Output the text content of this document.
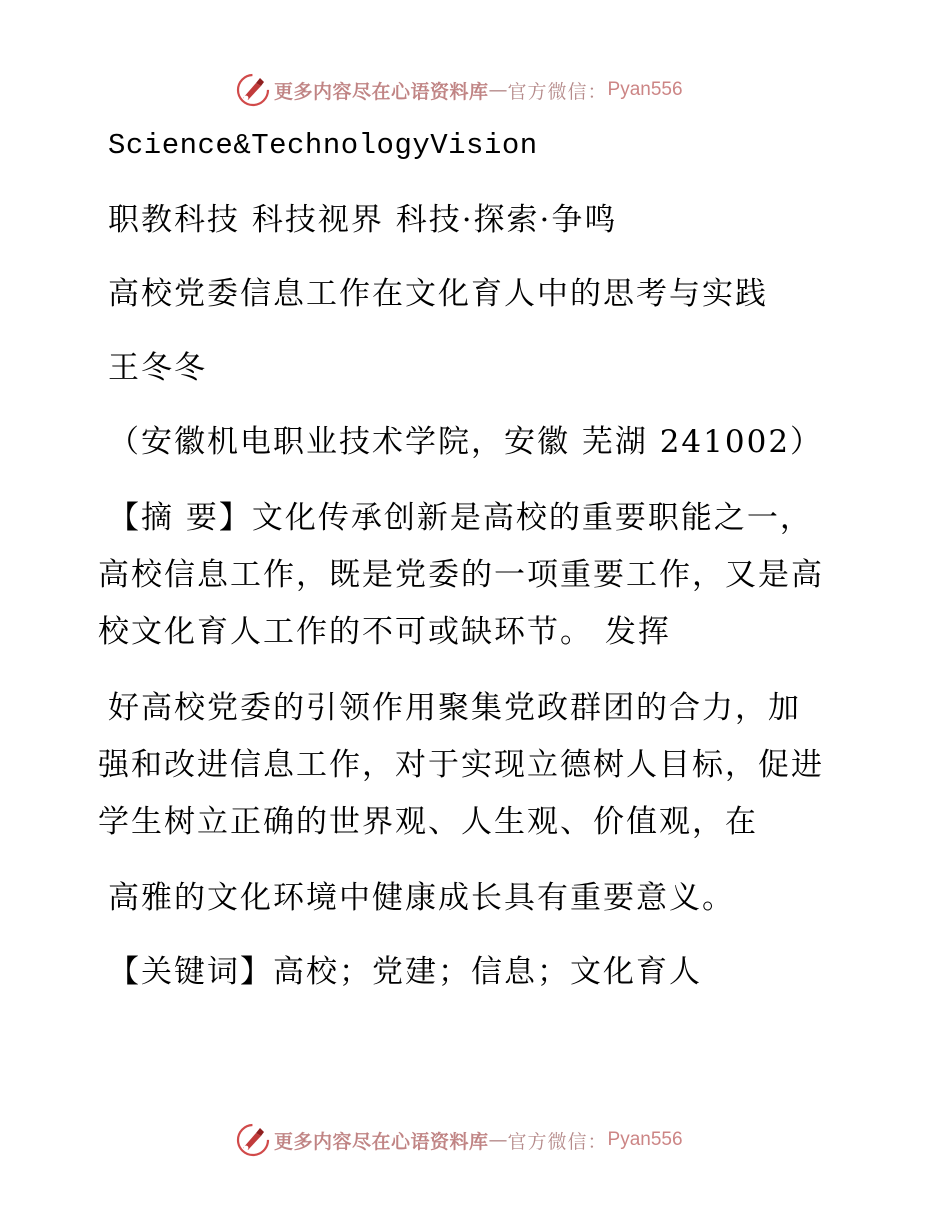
更多内容尽在心语资料库 — 官方微信： Pyan556
Science&TechnologyVision
职教科技 科技视界 科技·探索·争鸣
高校党委信息工作在文化育人中的思考与实践
王冬冬
（安徽机电职业技术学院，安徽 芜湖 241002）
【摘 要】文化传承创新是高校的重要职能之一，
高校信息工作，既是党委的一项重要工作，又是高
校文化育人工作的不可或缺环节。 发挥
好高校党委的引领作用聚集党政群团的合力，加
强和改进信息工作，对于实现立德树人目标，促进
学生树立正确的世界观、人生观、价值观，在
高雅的文化环境中健康成长具有重要意义。
【关键词】高校；党建；信息；文化育人
更多内容尽在心语资料库 — 官方微信： Pyan556
